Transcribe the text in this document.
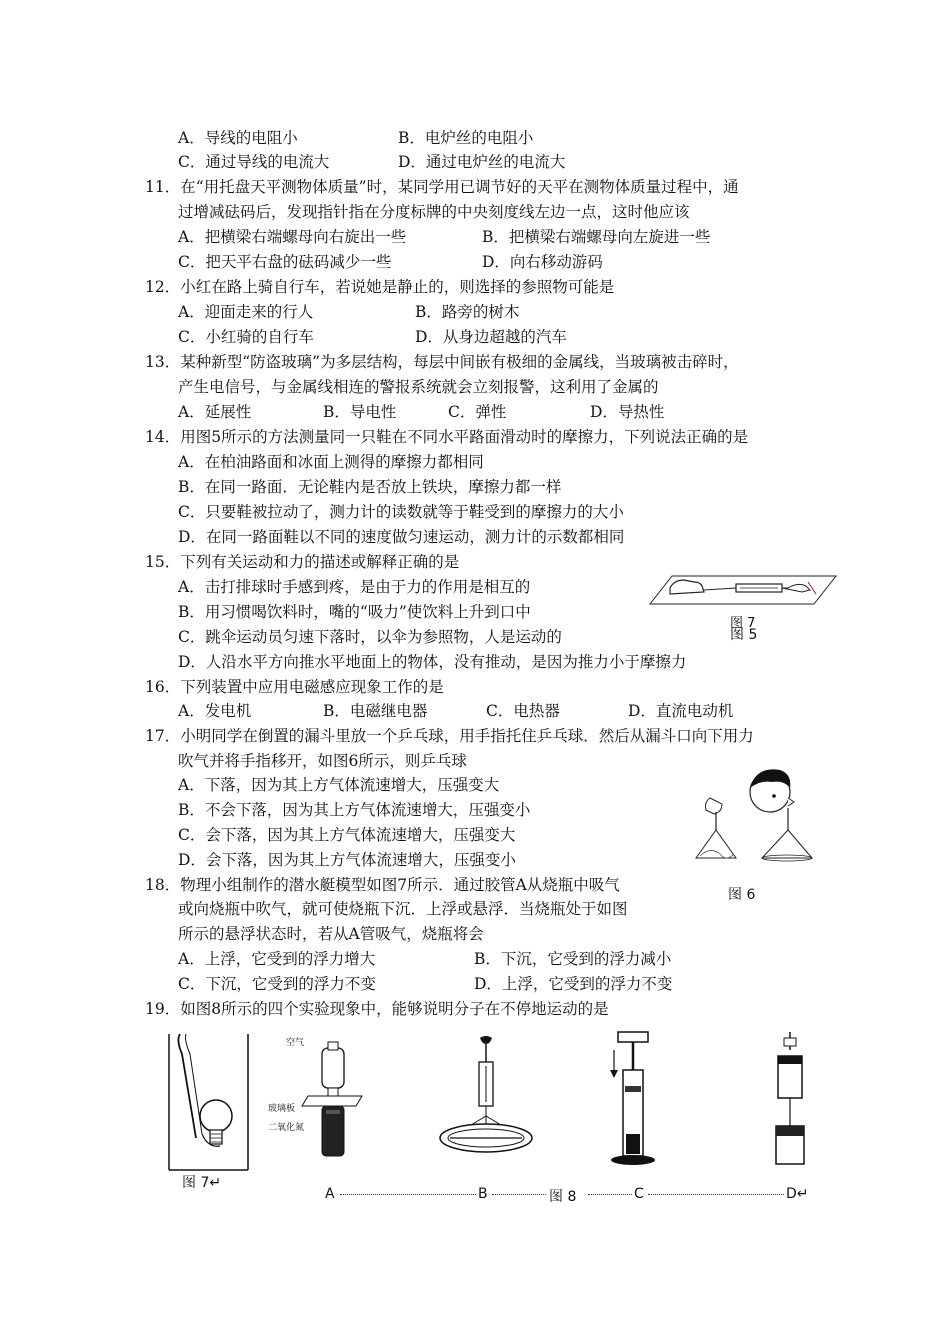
A．导线的电阻小	B．电炉丝的电阻小
C．通过导线的电流大	D．通过电炉丝的电流大
11．在“用托盘天平测物体质量”时，某同学用已调节好的天平在测物体质量过程中，通
过增减砝码后，发现指针指在分度标牌的中央刻度线左边一点，这时他应该
A．把横梁右端螺母向右旋出一些	B．把横梁右端螺母向左旋进一些
C．把天平右盘的砝码减少一些	D．向右移动游码
12．小红在路上骑自行车，若说她是静止的，则选择的参照物可能是
A．迎面走来的行人	B．路旁的树木
C．小红骑的自行车	D．从身边超越的汽车
13．某种新型“防盗玻璃”为多层结构，每层中间嵌有极细的金属线，当玻璃被击碎时，
产生电信号，与金属线相连的警报系统就会立刻报警，这利用了金属的
A．延展性	B．导电性	C．弹性	D．导热性
14．用图5所示的方法测量同一只鞋在不同水平路面滑动时的摩擦力，下列说法正确的是
A．在柏油路面和冰面上测得的摩擦力都相同
B．在同一路面．无论鞋内是否放上铁块，摩擦力都一样
C．只要鞋被拉动了，测力计的读数就等于鞋受到的摩擦力的大小
D．在同一路面鞋以不同的速度做匀速运动，测力计的示数都相同
15．下列有关运动和力的描述或解释正确的是
A．击打排球时手感到疼，是由于力的作用是相互的
B．用习惯喝饮料时，嘴的“吸力”使饮料上升到口中
C．跳伞运动员匀速下落时，以伞为参照物，人是运动的
D．人沿水平方向推水平地面上的物体，没有推动，是因为推力小于摩擦力
图 7
图 5
16．下列装置中应用电磁感应现象工作的是
A．发电机	B．电磁继电器	C．电热器	D．直流电动机
17．小明同学在倒置的漏斗里放一个乒乓球，用手指托住乒乓球．然后从漏斗口向下用力
吹气并将手指移开，如图6所示，则乒乓球
A．下落，因为其上方气体流速增大，压强变大
B．不会下落，因为其上方气体流速增大，压强变小
C．会下落，因为其上方气体流速增大，压强变大
D．会下落，因为其上方气体流速增大，压强变小
图 6
18．物理小组制作的潜水艇模型如图7所示．通过胶管A从烧瓶中吸气
或向烧瓶中吹气，就可使烧瓶下沉．上浮或悬浮．当烧瓶处于如图
所示的悬浮状态时，若从A管吸气，烧瓶将会
A．上浮，它受到的浮力增大	B．下沉，它受到的浮力减小
C．下沉，它受到的浮力不变	D．上浮，它受到的浮力不变
19．如图8所示的四个实验现象中，能够说明分子在不停地运动的是
图 7↵
空气
玻璃板
二氧化氮
A	B	图 8	C	D↵
